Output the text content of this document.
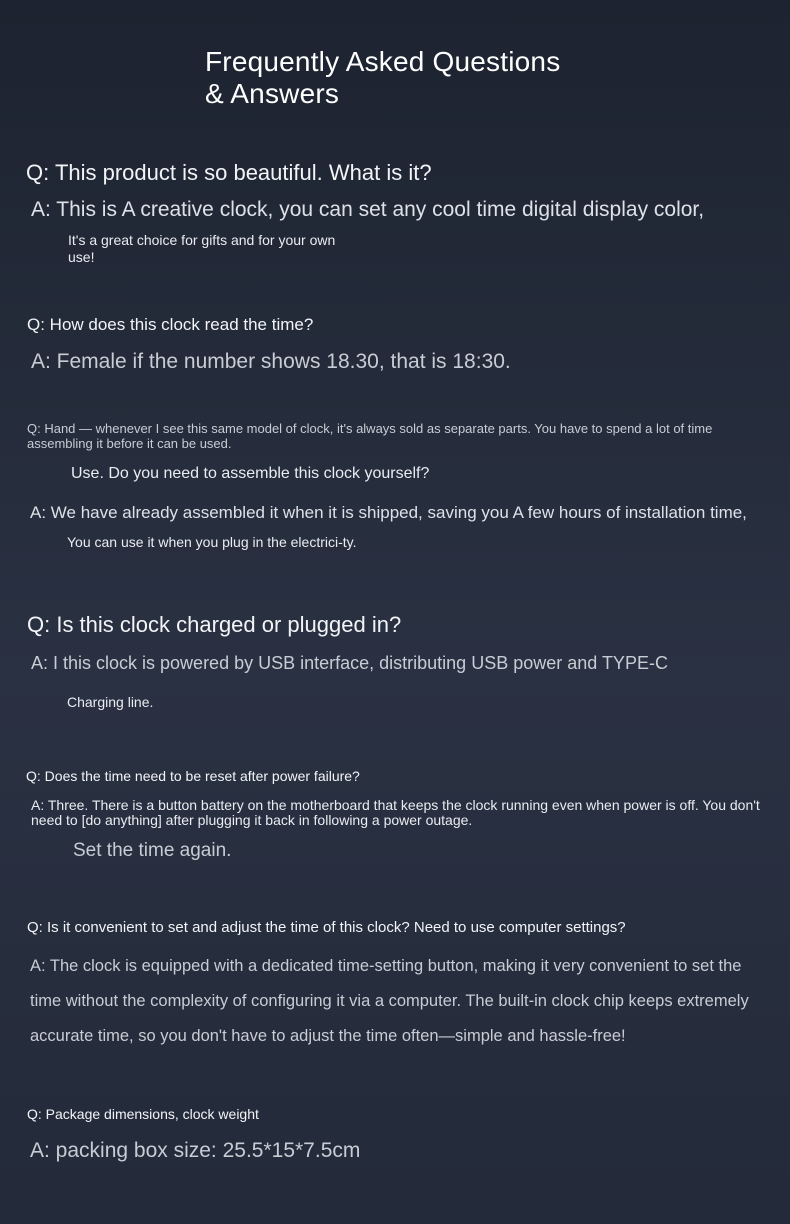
Frequently Asked Questions
& Answers

Q: This product is so beautiful. What is it?

A: This is A creative clock, you can set any cool time digital display color,

It's a great choice for gifts and for your own use!

Q: How does this clock read the time?

A: Female if the number shows 18.30, that is 18:30.

Q: Hand — whenever I see this same model of clock, it's always sold as separate parts. You have to spend a lot of time assembling it before it can be used.

Use. Do you need to assemble this clock yourself?

A: We have already assembled it when it is shipped, saving you A few hours of installation time,

You can use it when you plug in the electrici-ty.

Q: Is this clock charged or plugged in?

A: I this clock is powered by USB interface, distributing USB power and TYPE-C

Charging line.

Q: Does the time need to be reset after power failure?

A: Three. There is a button battery on the motherboard that keeps the clock running even when power is off. You don't need to [do anything] after plugging it back in following a power outage.

Set the time again.

Q: Is it convenient to set and adjust the time of this clock? Need to use computer settings?

A: The clock is equipped with a dedicated time-setting button, making it very convenient to set the time without the complexity of configuring it via a computer. The built-in clock chip keeps extremely accurate time, so you don't have to adjust the time often—simple and hassle-free!

Q: Package dimensions, clock weight

A: packing box size: 25.5*15*7.5cm
